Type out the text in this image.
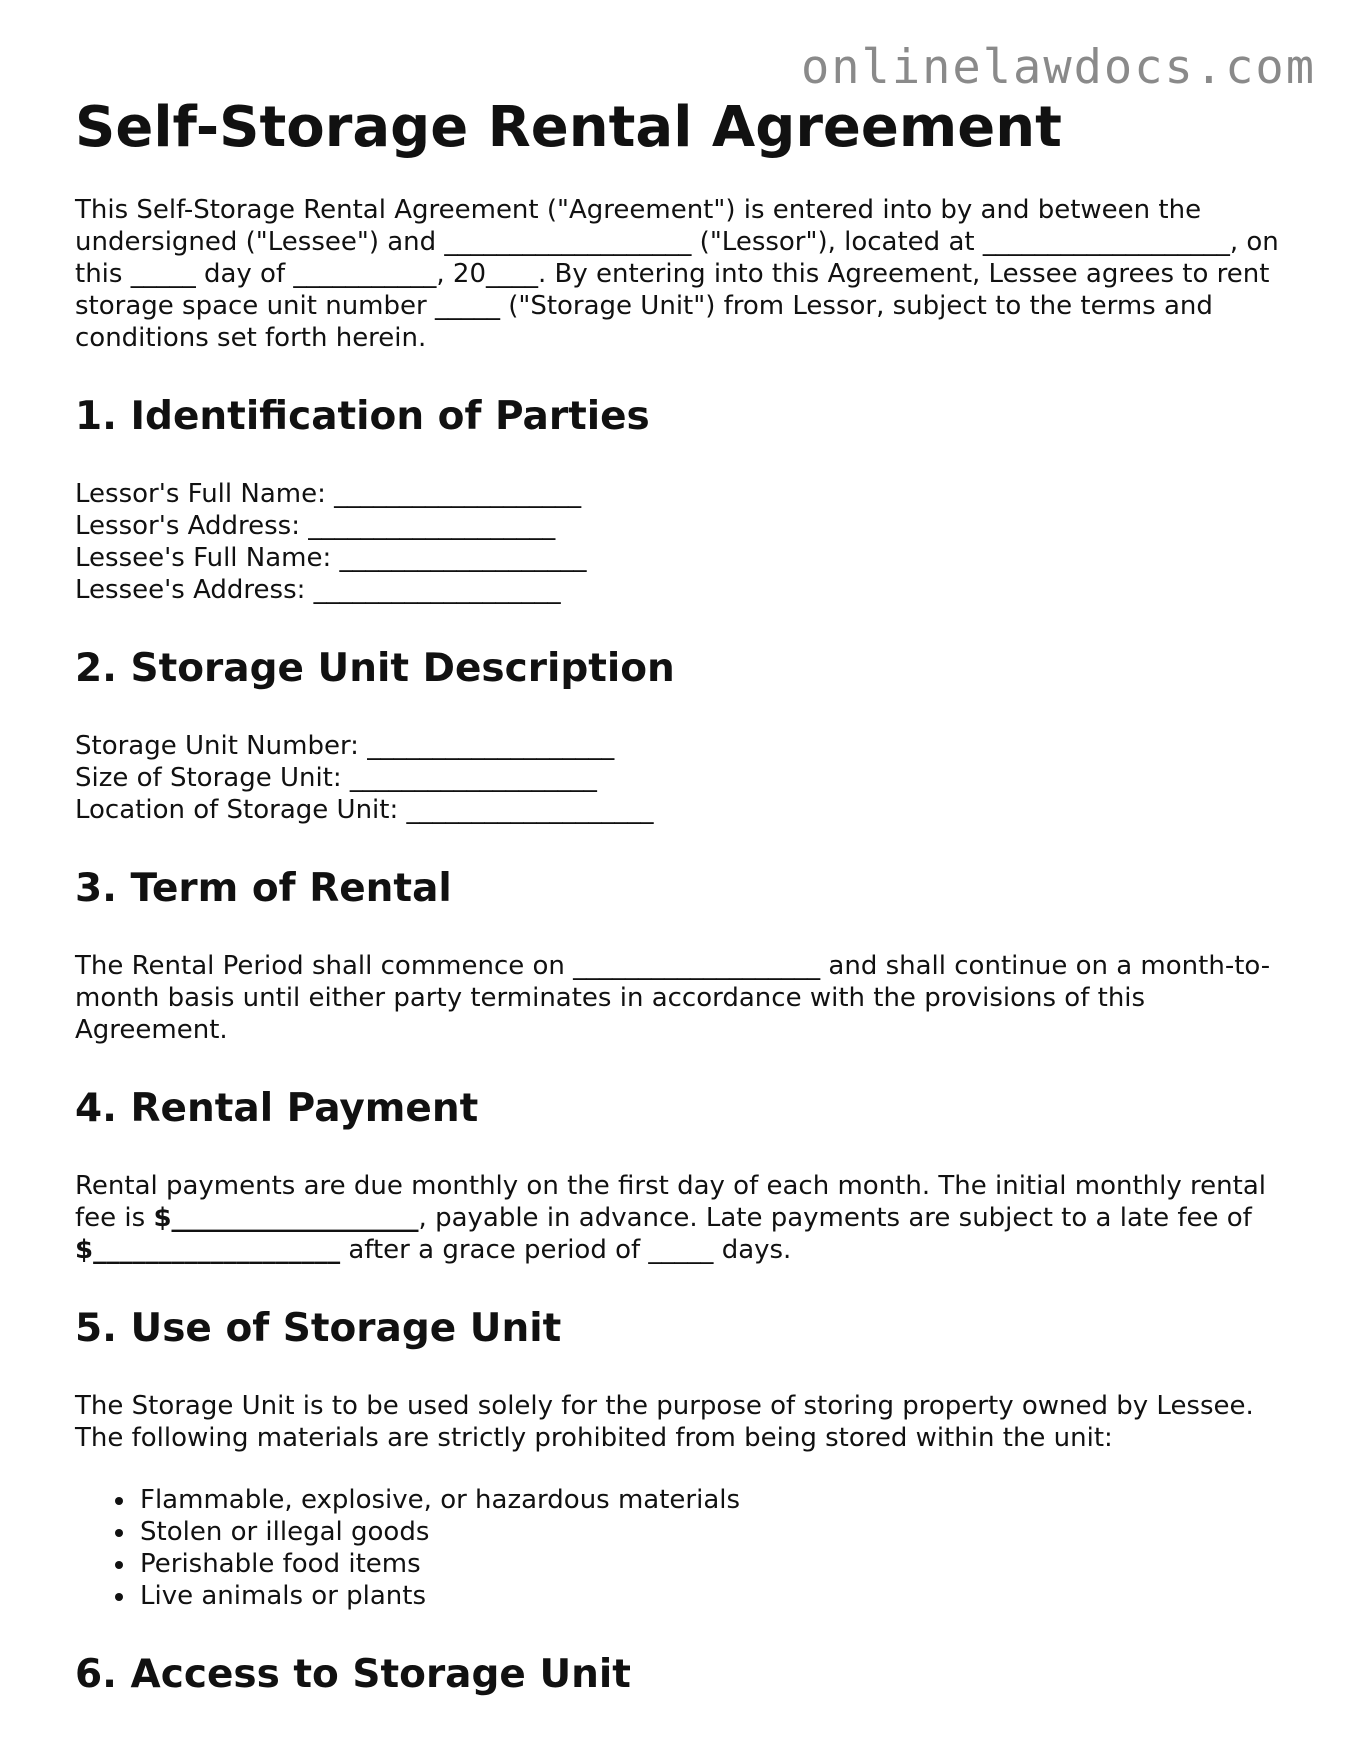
onlinelawdocs.com
Self-Storage Rental Agreement

This Self-Storage Rental Agreement ("Agreement") is entered into by and between the undersigned ("Lessee") and ___________________ ("Lessor"), located at ___________________, on this _____ day of ___________, 20____. By entering into this Agreement, Lessee agrees to rent storage space unit number _____ ("Storage Unit") from Lessor, subject to the terms and conditions set forth herein.

1. Identification of Parties

Lessor's Full Name: ___________________

Lessor's Address: ___________________

Lessee's Full Name: ___________________

Lessee's Address: ___________________

2. Storage Unit Description

Storage Unit Number: ___________________

Size of Storage Unit: ___________________

Location of Storage Unit: ___________________

3. Term of Rental

The Rental Period shall commence on ___________________ and shall continue on a month-to-month basis until either party terminates in accordance with the provisions of this Agreement.

4. Rental Payment

Rental payments are due monthly on the first day of each month. The initial monthly rental fee is $___________________, payable in advance. Late payments are subject to a late fee of $___________________ after a grace period of _____ days.

5. Use of Storage Unit

The Storage Unit is to be used solely for the purpose of storing property owned by Lessee. The following materials are strictly prohibited from being stored within the unit:

Flammable, explosive, or hazardous materials
Stolen or illegal goods
Perishable food items
Live animals or plants
6. Access to Storage Unit
